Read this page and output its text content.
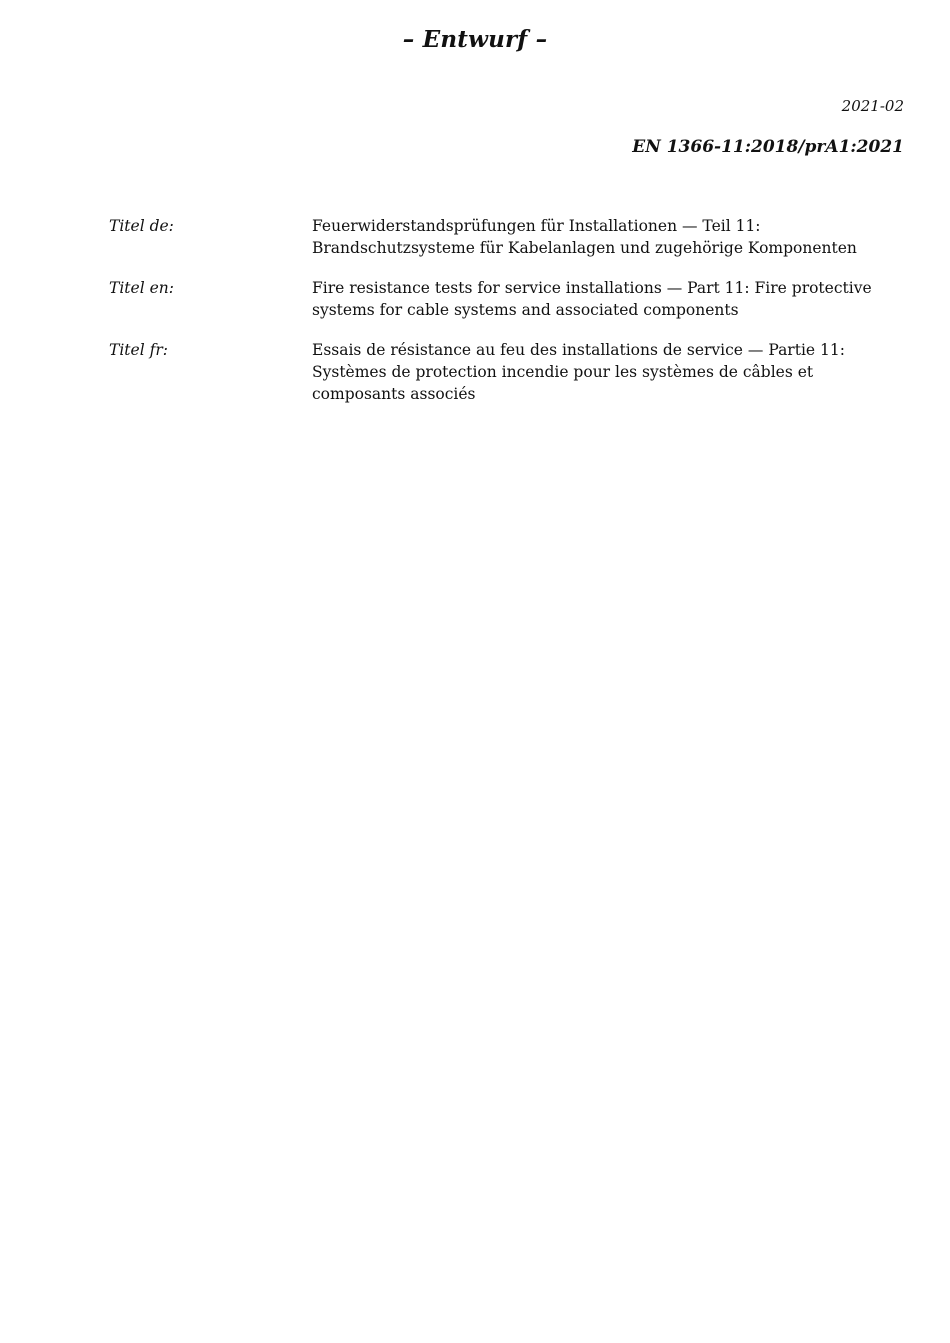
– Entwurf –
2021-02
EN 1366-11:2018/prA1:2021
Titel de:	Feuerwiderstandsprüfungen für Installationen — Teil 11: Brandschutzsysteme für Kabelanlagen und zugehörige Komponenten
Titel en:	Fire resistance tests for service installations — Part 11: Fire protective systems for cable systems and associated components
Titel fr:	Essais de résistance au feu des installations de service — Partie 11: Systèmes de protection incendie pour les systèmes de câbles et composants associés
